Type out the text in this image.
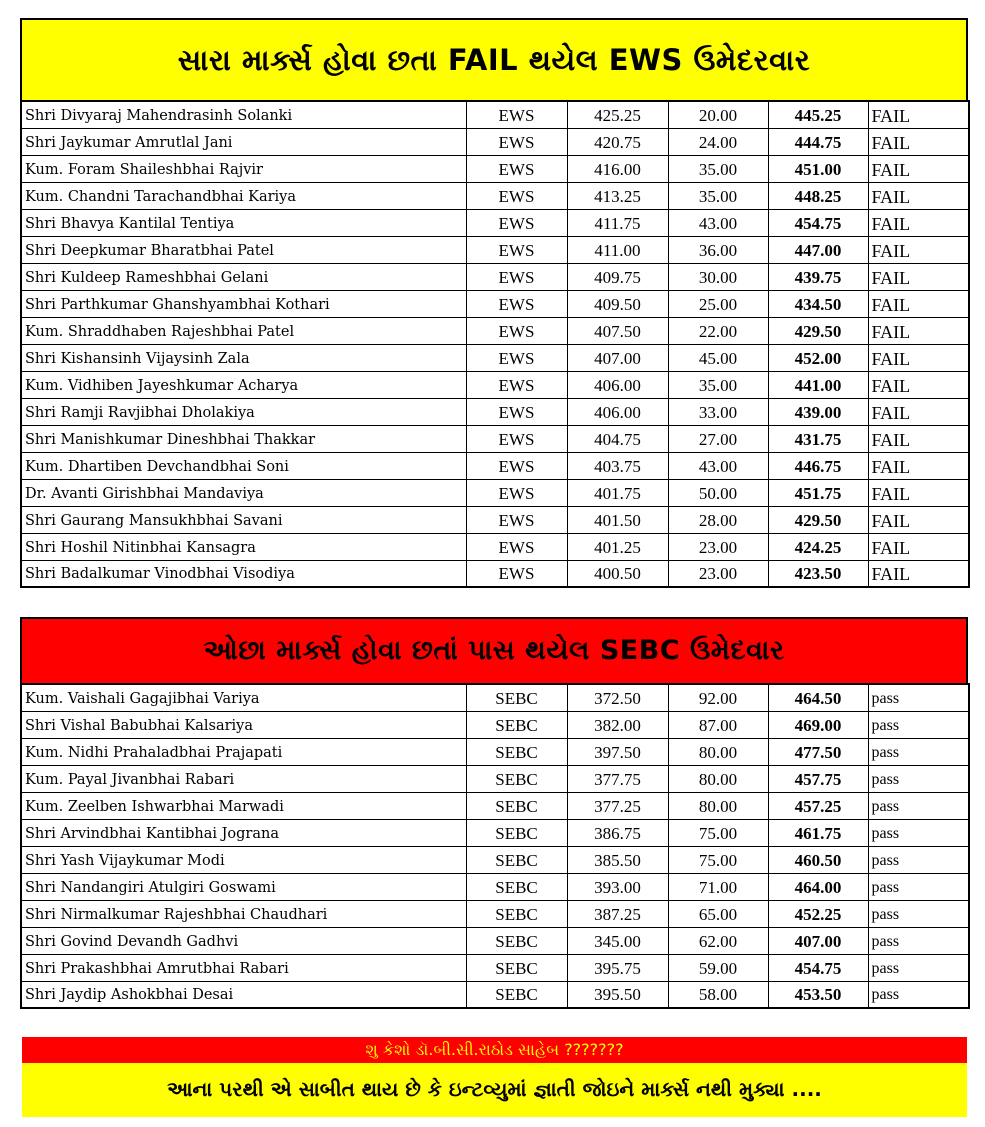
સારા માર્ક્સ હોવા છતા FAIL થયેલ EWS ઉમેદરવાર
Shri Divyaraj Mahendrasinh Solanki	EWS	425.25	20.00	445.25	FAIL
Shri Jaykumar Amrutlal Jani	EWS	420.75	24.00	444.75	FAIL
Kum. Foram Shaileshbhai Rajvir	EWS	416.00	35.00	451.00	FAIL
Kum. Chandni Tarachandbhai Kariya	EWS	413.25	35.00	448.25	FAIL
Shri Bhavya Kantilal Tentiya	EWS	411.75	43.00	454.75	FAIL
Shri Deepkumar Bharatbhai Patel	EWS	411.00	36.00	447.00	FAIL
Shri Kuldeep Rameshbhai Gelani	EWS	409.75	30.00	439.75	FAIL
Shri Parthkumar Ghanshyambhai Kothari	EWS	409.50	25.00	434.50	FAIL
Kum. Shraddhaben Rajeshbhai Patel	EWS	407.50	22.00	429.50	FAIL
Shri Kishansinh Vijaysinh Zala	EWS	407.00	45.00	452.00	FAIL
Kum. Vidhiben Jayeshkumar Acharya	EWS	406.00	35.00	441.00	FAIL
Shri Ramji Ravjibhai Dholakiya	EWS	406.00	33.00	439.00	FAIL
Shri Manishkumar Dineshbhai Thakkar	EWS	404.75	27.00	431.75	FAIL
Kum. Dhartiben Devchandbhai Soni	EWS	403.75	43.00	446.75	FAIL
Dr. Avanti Girishbhai Mandaviya	EWS	401.75	50.00	451.75	FAIL
Shri Gaurang Mansukhbhai Savani	EWS	401.50	28.00	429.50	FAIL
Shri Hoshil Nitinbhai Kansagra	EWS	401.25	23.00	424.25	FAIL
Shri Badalkumar Vinodbhai Visodiya	EWS	400.50	23.00	423.50	FAIL
ઓછા માર્ક્સ હોવા છતાં પાસ થયેલ SEBC ઉમેદવાર
Kum. Vaishali Gagajibhai Variya	SEBC	372.50	92.00	464.50	pass
Shri Vishal Babubhai Kalsariya	SEBC	382.00	87.00	469.00	pass
Kum. Nidhi Prahaladbhai Prajapati	SEBC	397.50	80.00	477.50	pass
Kum. Payal Jivanbhai Rabari	SEBC	377.75	80.00	457.75	pass
Kum. Zeelben Ishwarbhai Marwadi	SEBC	377.25	80.00	457.25	pass
Shri Arvindbhai Kantibhai Jograna	SEBC	386.75	75.00	461.75	pass
Shri Yash Vijaykumar Modi	SEBC	385.50	75.00	460.50	pass
Shri Nandangiri Atulgiri Goswami	SEBC	393.00	71.00	464.00	pass
Shri Nirmalkumar Rajeshbhai Chaudhari	SEBC	387.25	65.00	452.25	pass
Shri Govind Devandh Gadhvi	SEBC	345.00	62.00	407.00	pass
Shri Prakashbhai Amrutbhai Rabari	SEBC	395.75	59.00	454.75	pass
Shri Jaydip Ashokbhai Desai	SEBC	395.50	58.00	453.50	pass
શુ કેશો ડૉ.બી.સી.રાઠોડ સાહેબ ???????
આના પરથી એ સાબીત થાય છે કે ઇન્ટવ્યુમાં જ્ઞાતી જોઇને માર્ક્સ નથી મુક્યા ....
